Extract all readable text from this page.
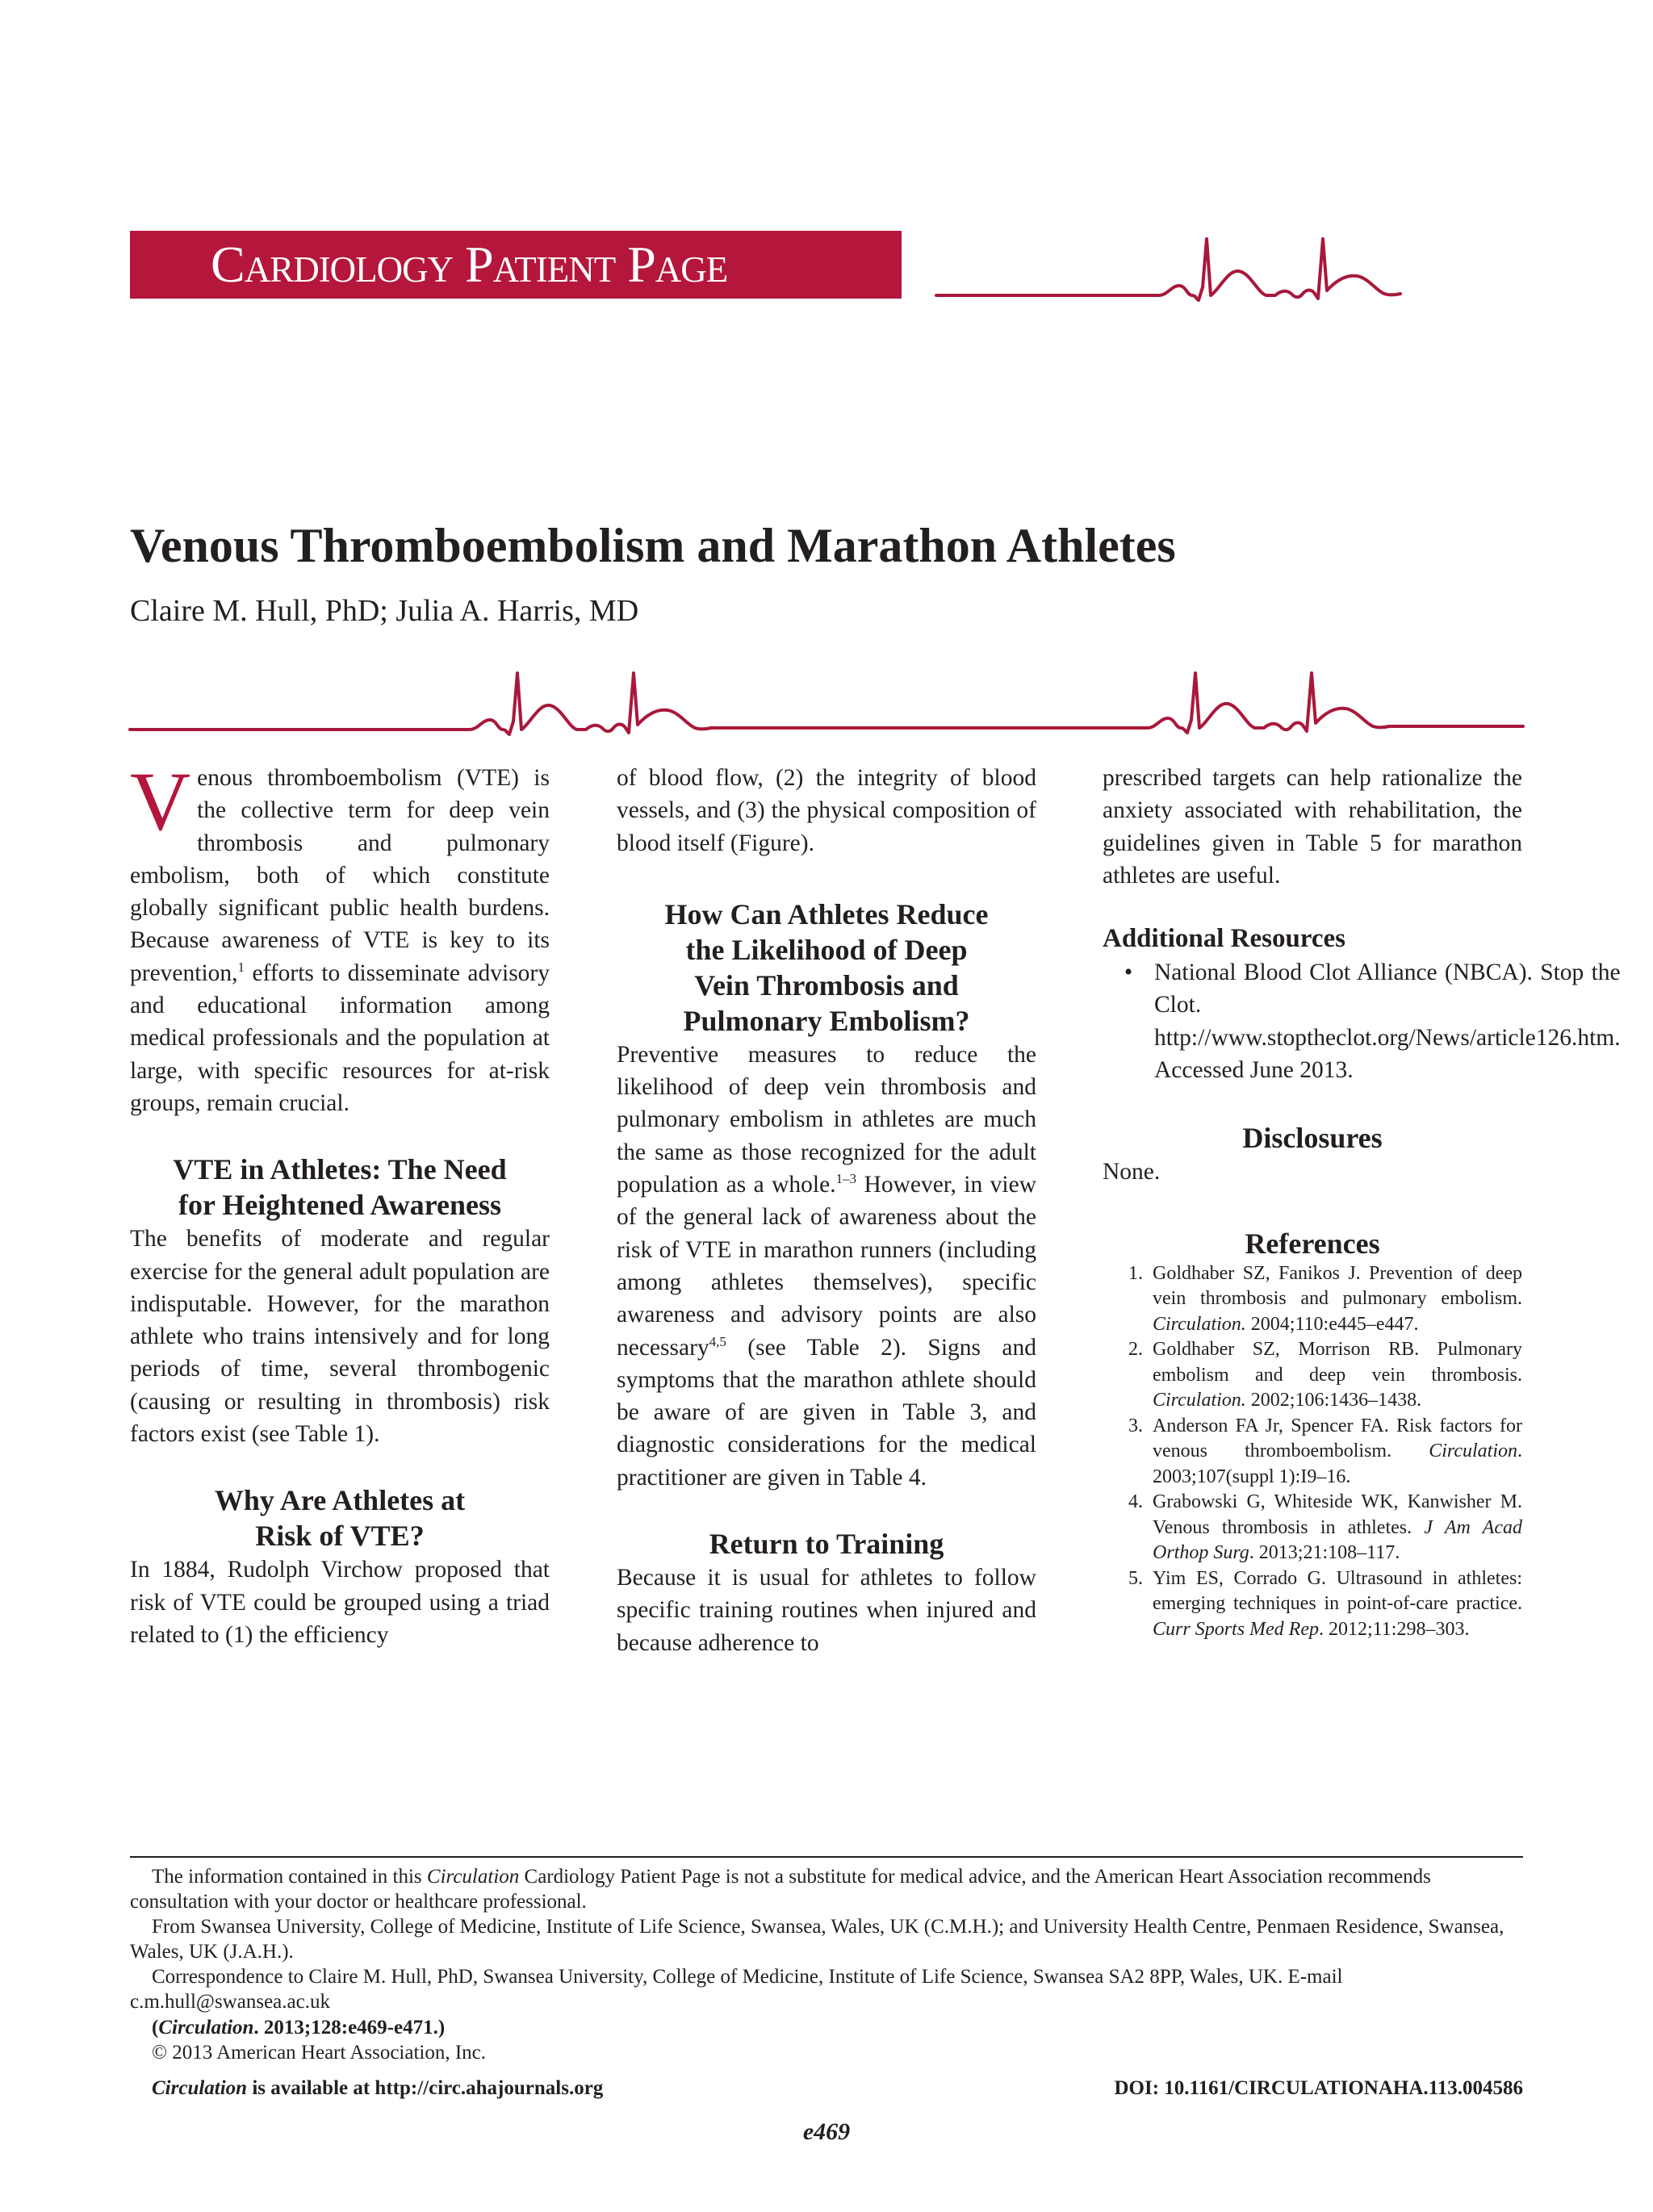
Cardiology Patient Page
Venous Thromboembolism and Marathon Athletes

Claire M. Hull, PhD; Julia A. Harris, MD

Venous thromboembolism (VTE) is the collective term for deep vein thrombosis and pulmonary embolism, both of which constitute globally significant public health burdens. Because awareness of VTE is key to its prevention,$^1$ efforts to disseminate advisory and educational information among medical professionals and the population at large, with specific resources for at-risk groups, remain crucial.

VTE in Athletes: The Need
for Heightened Awareness

The benefits of moderate and regular exercise for the general adult population are indisputable. However, for the marathon athlete who trains intensively and for long periods of time, several thrombogenic (causing or resulting in thrombosis) risk factors exist (see Table 1).

Why Are Athletes at
Risk of VTE?

In 1884, Rudolph Virchow proposed that risk of VTE could be grouped using a triad related to (1) the efficiency

of blood flow, (2) the integrity of blood vessels, and (3) the physical composition of blood itself (Figure).

How Can Athletes Reduce
the Likelihood of Deep
Vein Thrombosis and
Pulmonary Embolism?

Preventive measures to reduce the likelihood of deep vein thrombosis and pulmonary embolism in athletes are much the same as those recognized for the adult population as a whole.$^{1-3}$ However, in view of the general lack of awareness about the risk of VTE in marathon runners (including among athletes themselves), specific awareness and advisory points are also necessary$^{4,5}$ (see Table 2). Signs and symptoms that the marathon athlete should be aware of are given in Table 3, and diagnostic considerations for the medical practitioner are given in Table 4.

Return to Training

Because it is usual for athletes to follow specific training routines when injured and because adherence to

prescribed targets can help rationalize the anxiety associated with rehabilitation, the guidelines given in Table 5 for marathon athletes are useful.

Additional Resources
• National Blood Clot Alliance (NBCA). Stop the Clot. http://www.stoptheclot.org/News/article126.htm. Accessed June 2013.
Disclosures

None.

References
1. Goldhaber SZ, Fanikos J. Prevention of deep vein thrombosis and pulmonary embolism. Circulation. 2004;110:e445–e447.
2. Goldhaber SZ, Morrison RB. Pulmonary embolism and deep vein thrombosis. Circulation. 2002;106:1436–1438.
3. Anderson FA Jr, Spencer FA. Risk factors for venous thromboembolism. Circulation. 2003;107(suppl 1):I9–16.
4. Grabowski G, Whiteside WK, Kanwisher M. Venous thrombosis in athletes. J Am Acad Orthop Surg. 2013;21:108–117.
5. Yim ES, Corrado G. Ultrasound in athletes: emerging techniques in point-of-care practice. Curr Sports Med Rep. 2012;11:298–303.

The information contained in this Circulation Cardiology Patient Page is not a substitute for medical advice, and the American Heart Association recommends consultation with your doctor or healthcare professional.

From Swansea University, College of Medicine, Institute of Life Science, Swansea, Wales, UK (C.M.H.); and University Health Centre, Penmaen Residence, Swansea, Wales, UK (J.A.H.).

Correspondence to Claire M. Hull, PhD, Swansea University, College of Medicine, Institute of Life Science, Swansea SA2 8PP, Wales, UK. E-mail c.m.hull@swansea.ac.uk

(Circulation. 2013;128:e469-e471.)

© 2013 American Heart Association, Inc.

Circulation is available at http://circ.ahajournals.org	DOI: 10.1161/CIRCULATIONAHA.113.004586
e469
